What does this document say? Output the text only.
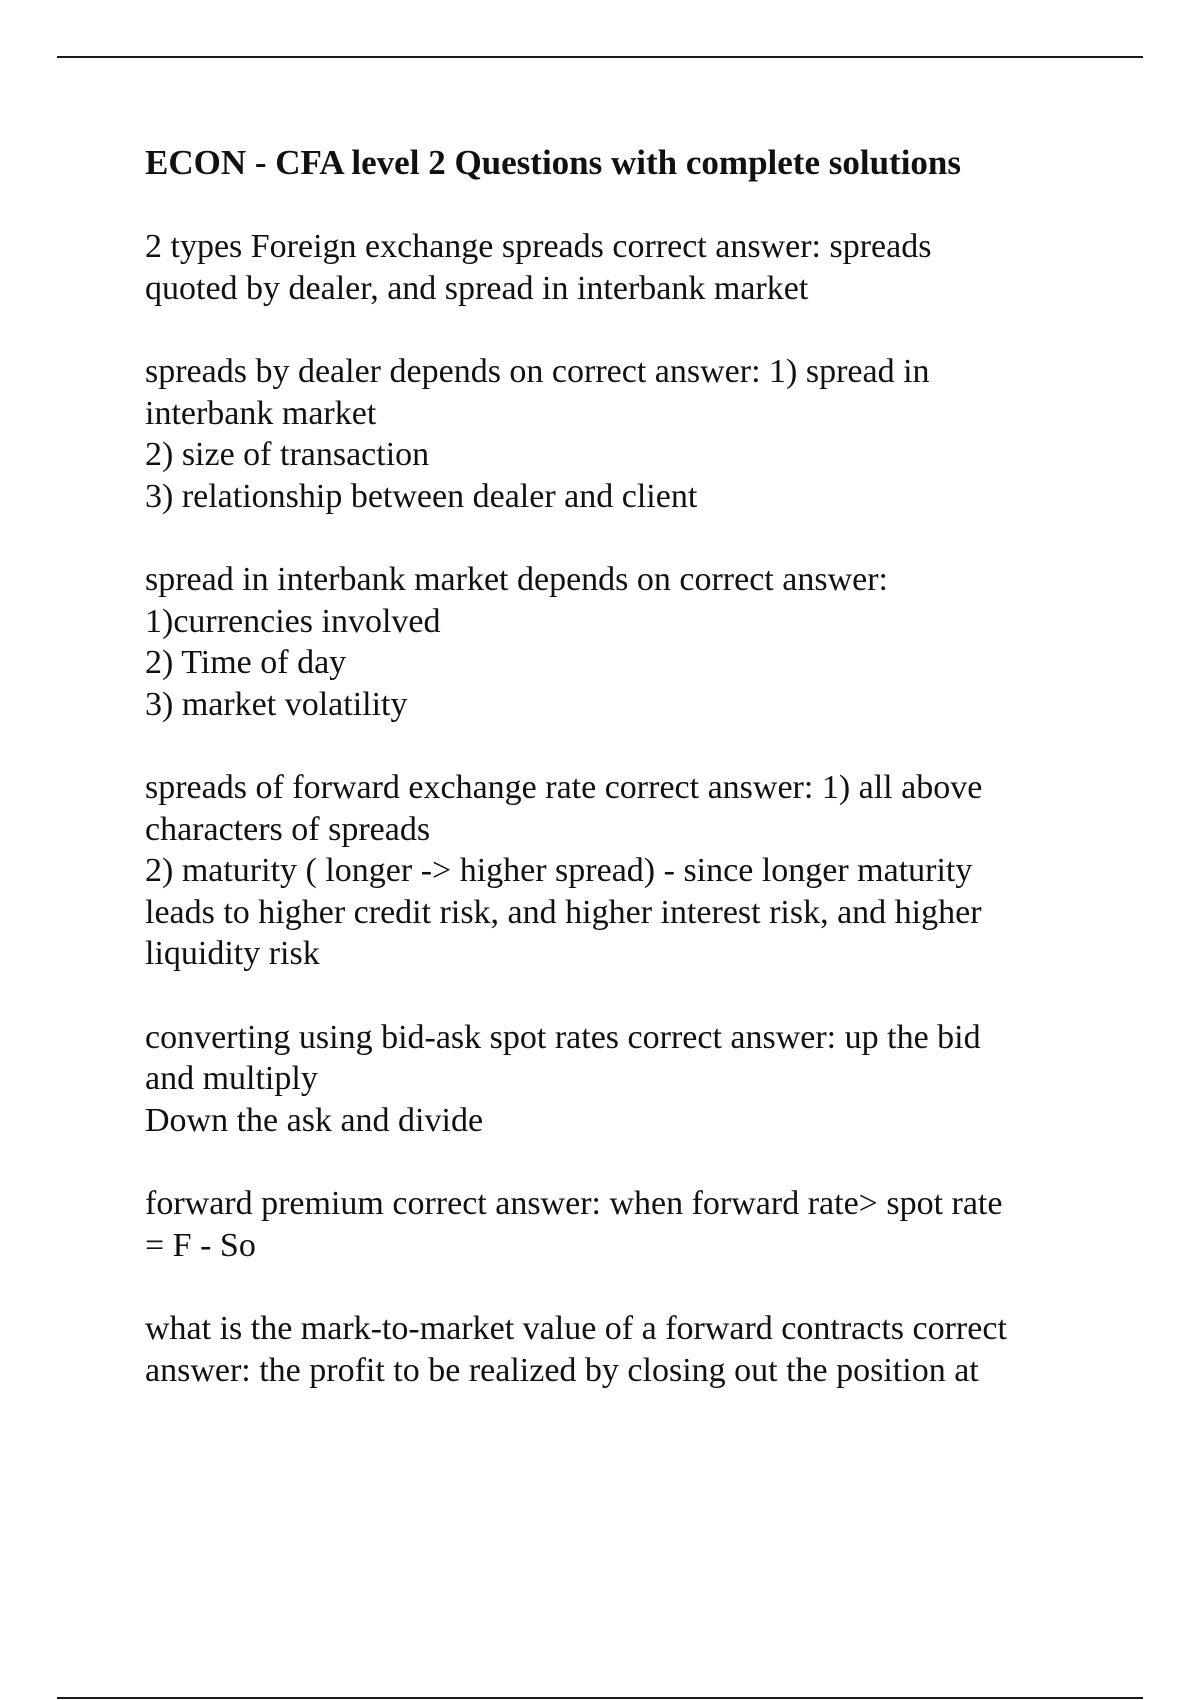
ECON - CFA level 2 Questions with complete solutions
2 types Foreign exchange spreads correct answer: spreads
quoted by dealer, and spread in interbank market
spreads by dealer depends on correct answer: 1) spread in
interbank market
2) size of transaction
3) relationship between dealer and client
spread in interbank market depends on correct answer:
1)currencies involved
2) Time of day
3) market volatility
spreads of forward exchange rate correct answer: 1) all above
characters of spreads
2) maturity ( longer -> higher spread) - since longer maturity
leads to higher credit risk, and higher interest risk, and higher
liquidity risk
converting using bid-ask spot rates correct answer: up the bid
and multiply
Down the ask and divide
forward premium correct answer: when forward rate> spot rate
= F - So
what is the mark-to-market value of a forward contracts correct
answer: the profit to be realized by closing out the position at
